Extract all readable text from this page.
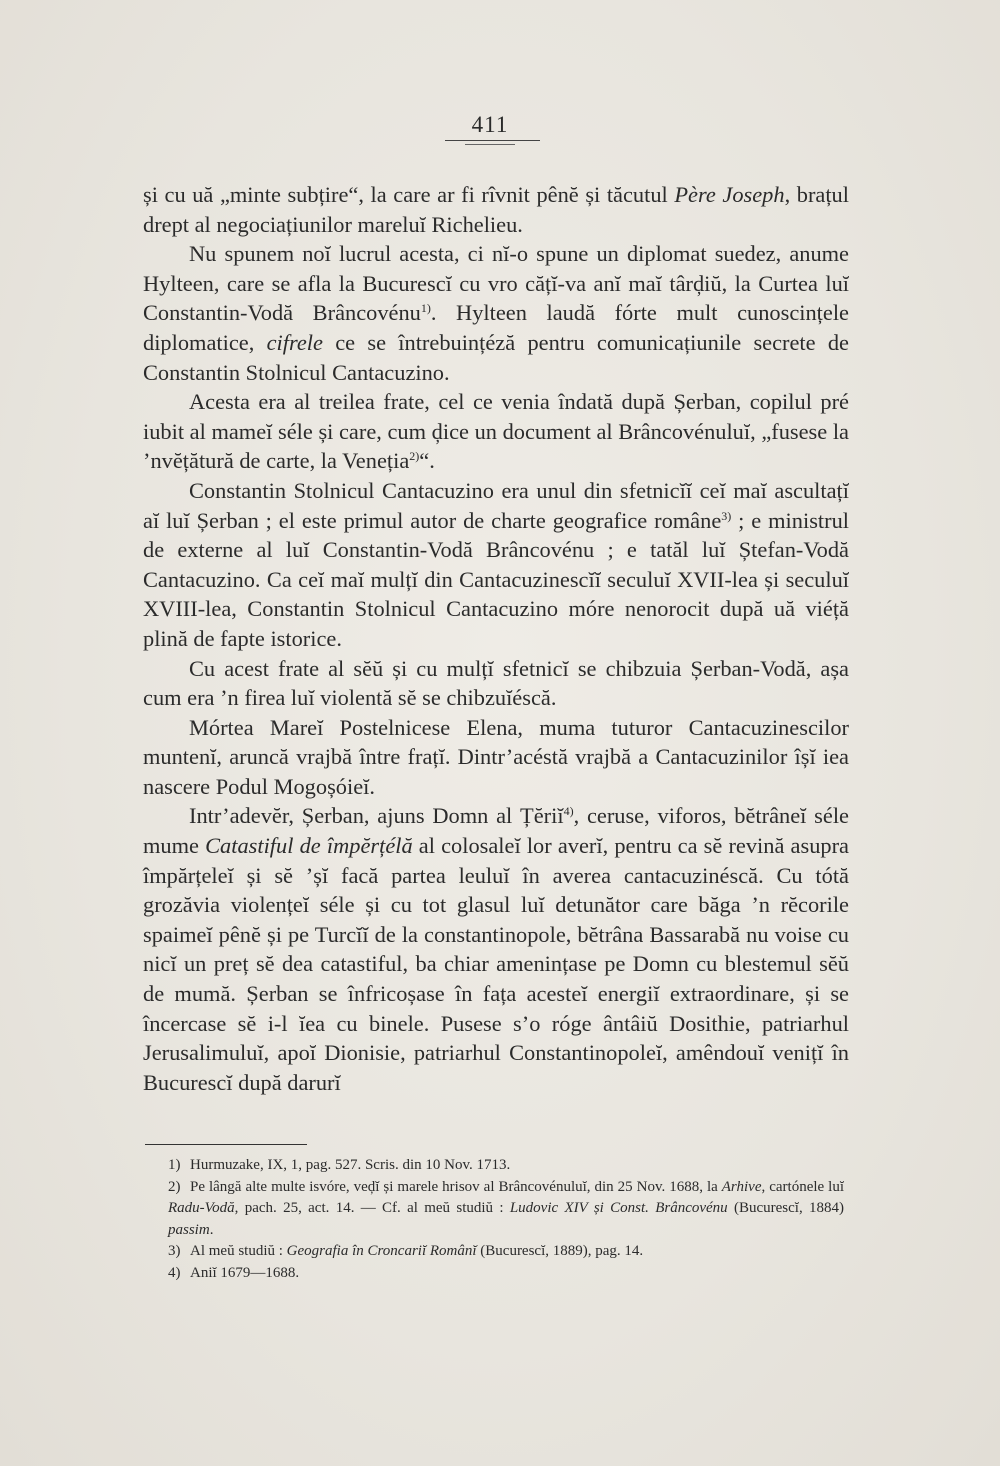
411

și cu uă „minte subțire“, la care ar fi rîvnit pênĕ și tăcutul Père Joseph, brațul drept al negociațiunilor mareluĭ Richelieu.

Nu spunem noĭ lucrul acesta, ci nĭ-o spune un diplomat suedez, anume Hylteen, care se afla la Bucurescĭ cu vro cățĭ-va anĭ maĭ târḑiŭ, la Curtea luĭ Constantin-Vodă Brâncovénu$^{1)}$. Hylteen laudă fórte mult cunoscințele diplomatice, cifrele ce se întrebuințéză pentru comunicațiunile secrete de Constantin Stolnicul Cantacuzino.

Acesta era al treilea frate, cel ce venia îndată după Șerban, copilul pré iubit al mameĭ séle și care, cum ḑice un document al Brâncovénuluĭ, „fusese la ’nvĕțătură de carte, la Veneția$^{2)}$“.

Constantin Stolnicul Cantacuzino era unul din sfetnicĭĭ ceĭ maĭ ascultațĭ aĭ luĭ Șerban ; el este primul autor de charte geografice române$^{3)}$ ; e ministrul de externe al luĭ Constantin-Vodă Brâncovénu ; e tatăl luĭ Ștefan-Vodă Cantacuzino. Ca ceĭ maĭ mulțĭ din Cantacuzinescĭĭ seculuĭ XVII-lea și seculuĭ XVIII-lea, Constantin Stolnicul Cantacuzino móre nenorocit după uă viéță plină de fapte istorice.

Cu acest frate al sĕŭ și cu mulțĭ sfetnicĭ se chibzuia Șerban-Vodă, așa cum era ’n firea luĭ violentă sĕ se chibzuĭéscă.

Mórtea Mareĭ Postelnicese Elena, muma tuturor Cantacuzinescilor muntenĭ, aruncă vrajbă între frațĭ. Dintr’acéstă vrajbă a Cantacuzinilor îșĭ iea nascere Podul Mogoșóieĭ.

Intr’adevĕr, Șerban, ajuns Domn al Țĕriĭ$^{4)}$, ceruse, viforos, bĕtrâneĭ séle mume Catastiful de împĕrțélă al colosaleĭ lor averĭ, pentru ca sĕ revină asupra împărțeleĭ și sĕ ’șĭ facă partea leuluĭ în averea cantacuzinéscă. Cu tótă grozăvia violențeĭ séle și cu tot glasul luĭ detunător care băga ’n rĕcorile spaimeĭ pênĕ și pe Turcĭĭ de la constantinopole, bĕtrâna Bassarabă nu voise cu nicĭ un preț sĕ dea catastiful, ba chiar amenințase pe Domn cu blestemul sĕŭ de mumă. Șerban se înfricoșase în fața acesteĭ energiĭ extraordinare, și se încercase sĕ i-l ĭea cu binele. Pusese s’o róge ântâiŭ Dosithie, patriarhul Jerusalimuluĭ, apoĭ Dionisie, patriarhul Constantinopoleĭ, amêndouĭ venițĭ în Bucurescĭ după darurĭ

1) Hurmuzake, IX, 1, pag. 527. Scris. din 10 Nov. 1713.

2) Pe lângă alte multe isvóre, veḑĭ și marele hrisov al Brâncovénuluĭ, din 25 Nov. 1688, la Arhive, cartónele luĭ Radu-Vodă, pach. 25, act. 14. — Cf. al meŭ studiŭ : Ludovic XIV și Const. Brâncovénu (Bucurescĭ, 1884) passim.

3) Al meŭ studiŭ : Geografia în Croncariĭ Românĭ (Bucurescĭ, 1889), pag. 14.

4) Aniĭ 1679—1688.
